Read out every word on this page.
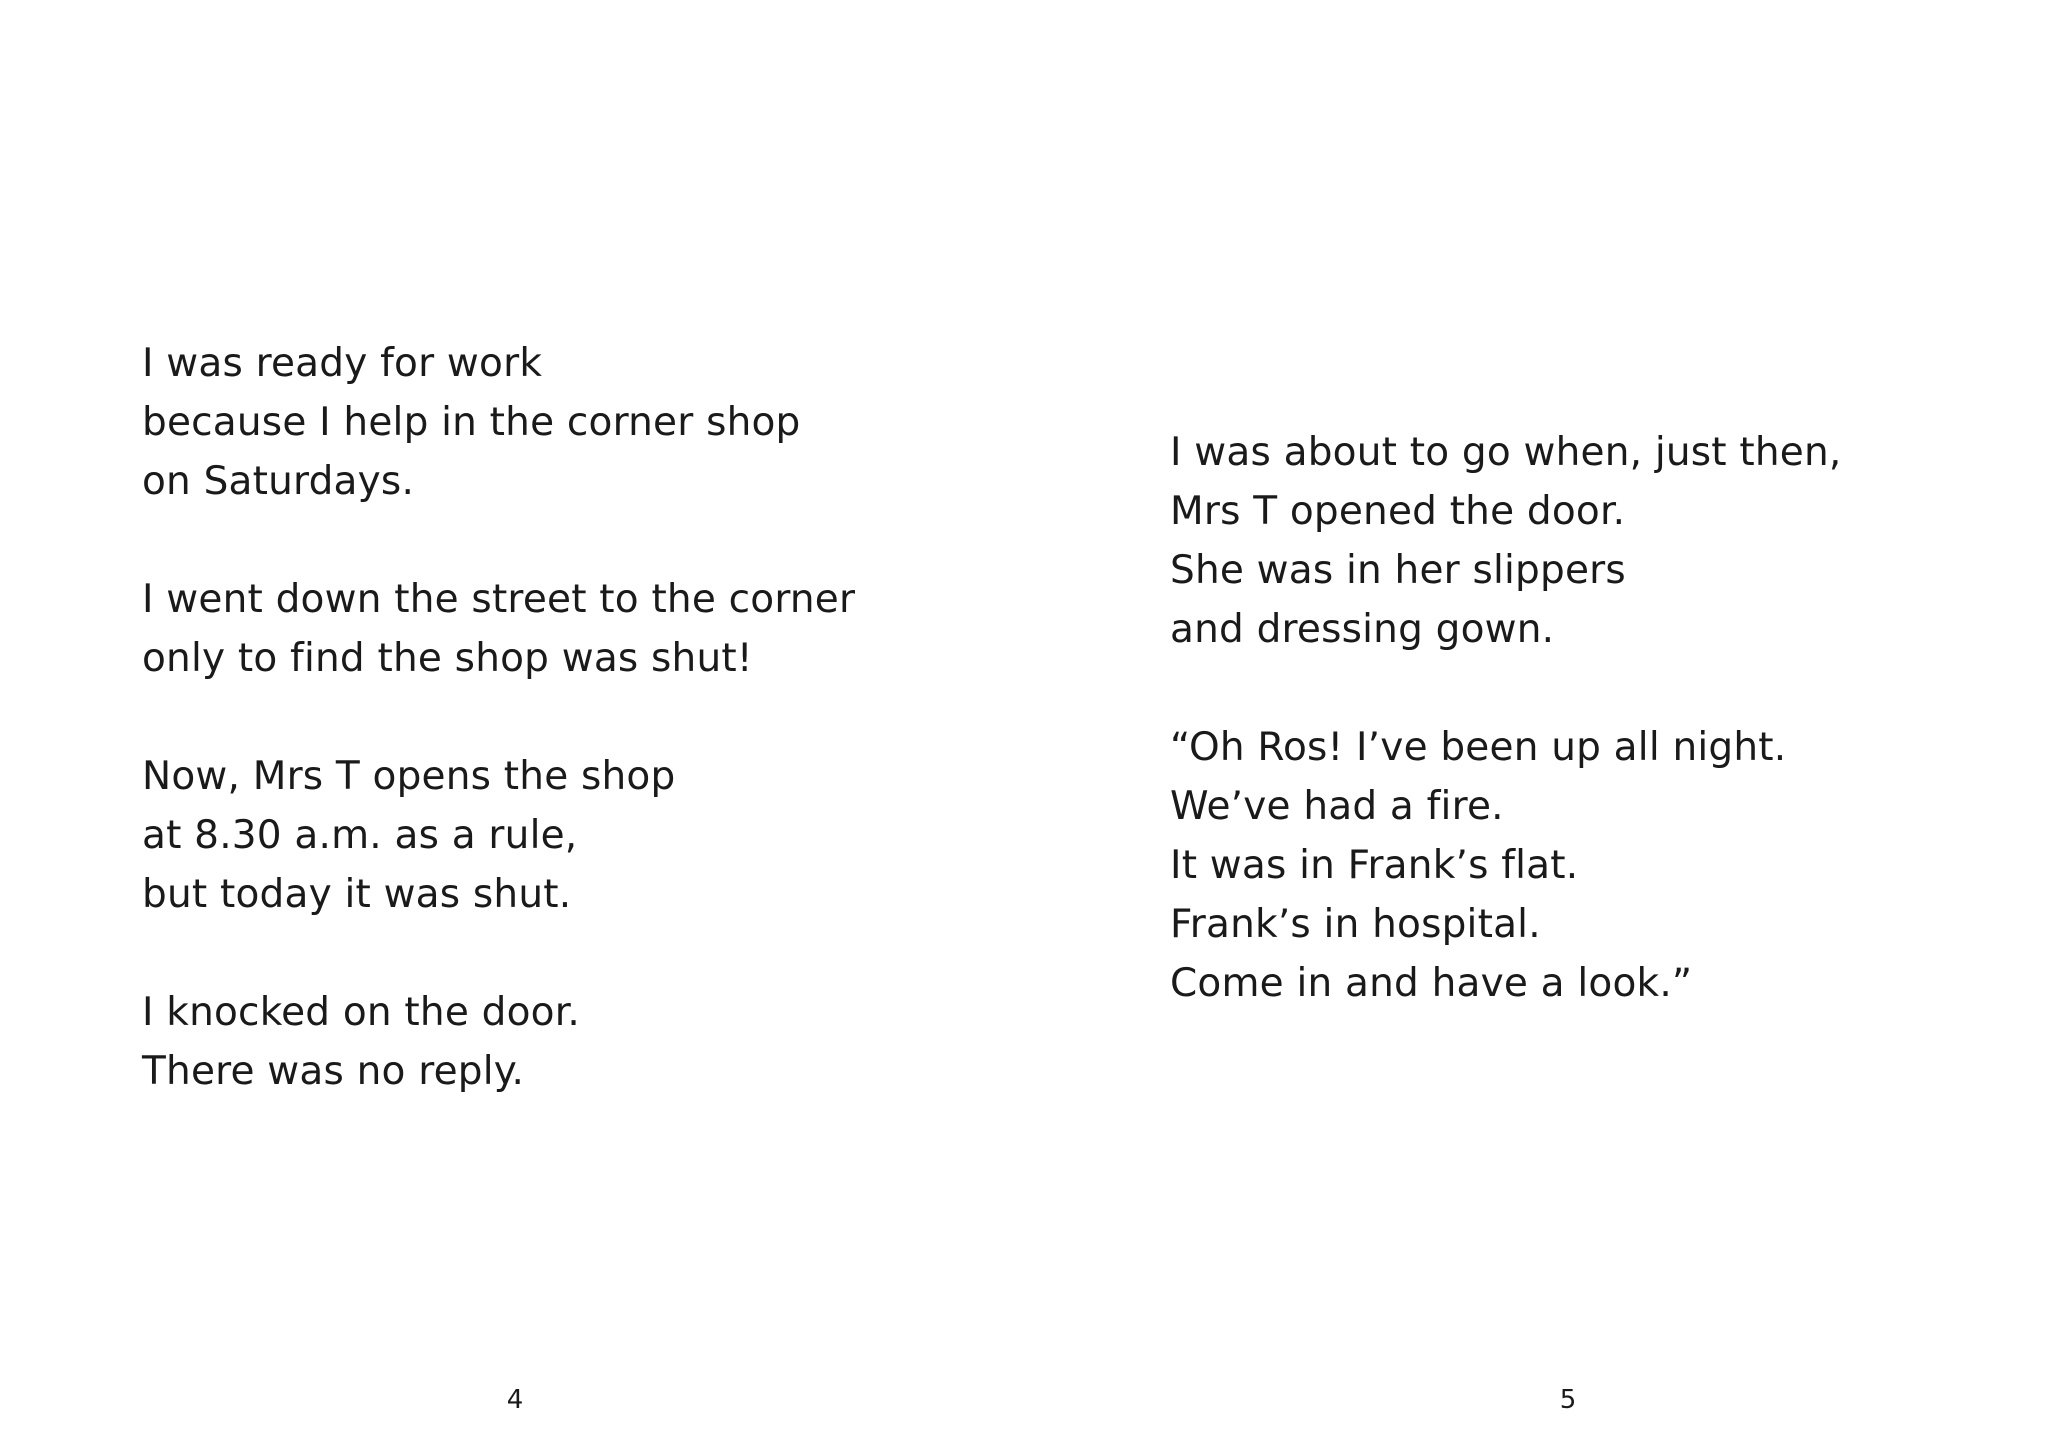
I was ready for work
because I help in the corner shop
on Saturdays.

I went down the street to the corner
only to find the shop was shut!

Now, Mrs T opens the shop
at 8.30 a.m. as a rule,
but today it was shut.

I knocked on the door.
There was no reply.

4

I was about to go when, just then,
Mrs T opened the door.
She was in her slippers
and dressing gown.

“Oh Ros! I’ve been up all night.
We’ve had a fire.
It was in Frank’s flat.
Frank’s in hospital.
Come in and have a look.”

5
